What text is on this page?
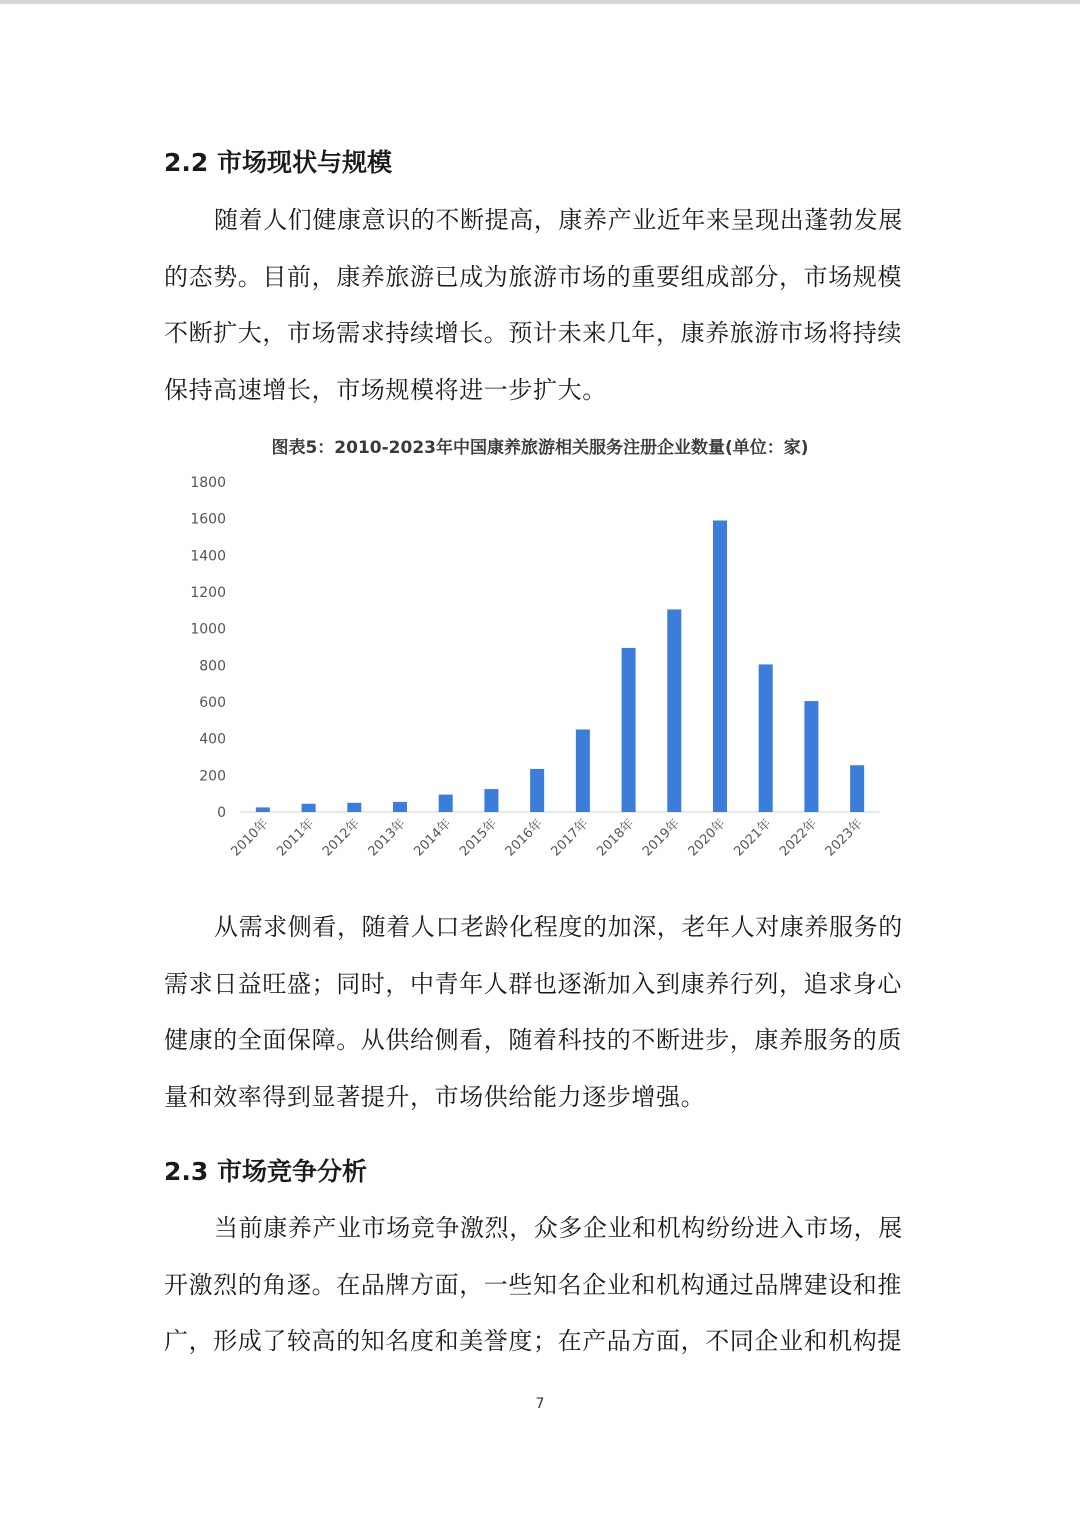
2.2 市场现状与规模
随着人们健康意识的不断提高，康养产业近年来呈现出蓬勃发展
的态势。目前，康养旅游已成为旅游市场的重要组成部分，市场规模
不断扩大，市场需求持续增长。预计未来几年，康养旅游市场将持续
保持高速增长，市场规模将进一步扩大。
图表5：2010-2023年中国康养旅游相关服务注册企业数量(单位：家)
0
200
400
600
800
1000
1200
1400
1600
1800
2010年 2011年 2012年 2013年 2014年 2015年 2016年 2017年 2018年 2019年 2020年 2021年 2022年 2023年
从需求侧看，随着人口老龄化程度的加深，老年人对康养服务的
需求日益旺盛；同时，中青年人群也逐渐加入到康养行列，追求身心
健康的全面保障。从供给侧看，随着科技的不断进步，康养服务的质
量和效率得到显著提升，市场供给能力逐步增强。
2.3 市场竞争分析
当前康养产业市场竞争激烈，众多企业和机构纷纷进入市场，展
开激烈的角逐。在品牌方面，一些知名企业和机构通过品牌建设和推
广，形成了较高的知名度和美誉度；在产品方面，不同企业和机构提
7
